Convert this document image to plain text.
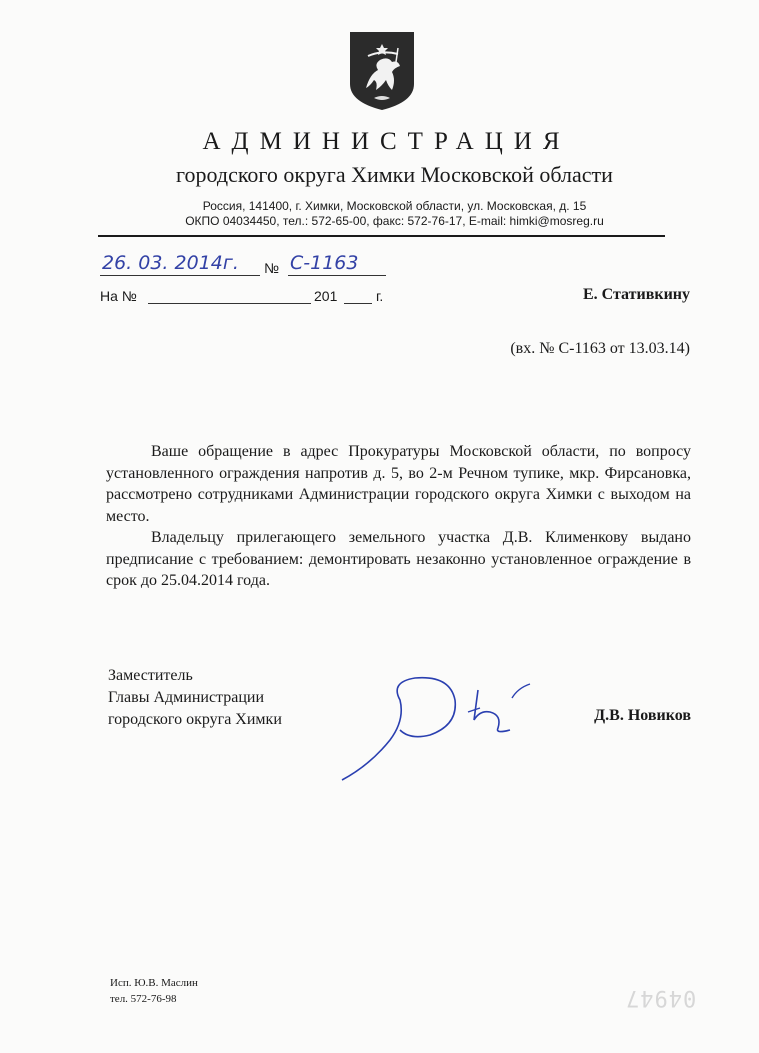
АДМИНИСТРАЦИЯ
городского округа Химки Московской области
Россия, 141400, г. Химки, Московской области, ул. Московская, д. 15
ОКПО 04034450, тел.: 572-65-00, факс: 572-76-17, E-mail: himki@mosreg.ru
26. 03. 2014г. № С-1163
На №	201	г.	Е. Стативкину
(вх. № С-1163 от 13.03.14)

Ваше обращение в адрес Прокуратуры Московской области, по вопросу установленного ограждения напротив д. 5, во 2-м Речном тупике, мкр. Фирсановка, рассмотрено сотрудниками Администрации городского округа Химки с выходом на место.

Владельцу прилегающего земельного участка Д.В. Клименкову выдано предписание с требованием: демонтировать незаконно установленное ограждение в срок до 25.04.2014 года.

Заместитель
Главы Администрации
городского округа Химки	Д.В. Новиков
Исп. Ю.В. Маслин
тел. 572-76-98	04947
